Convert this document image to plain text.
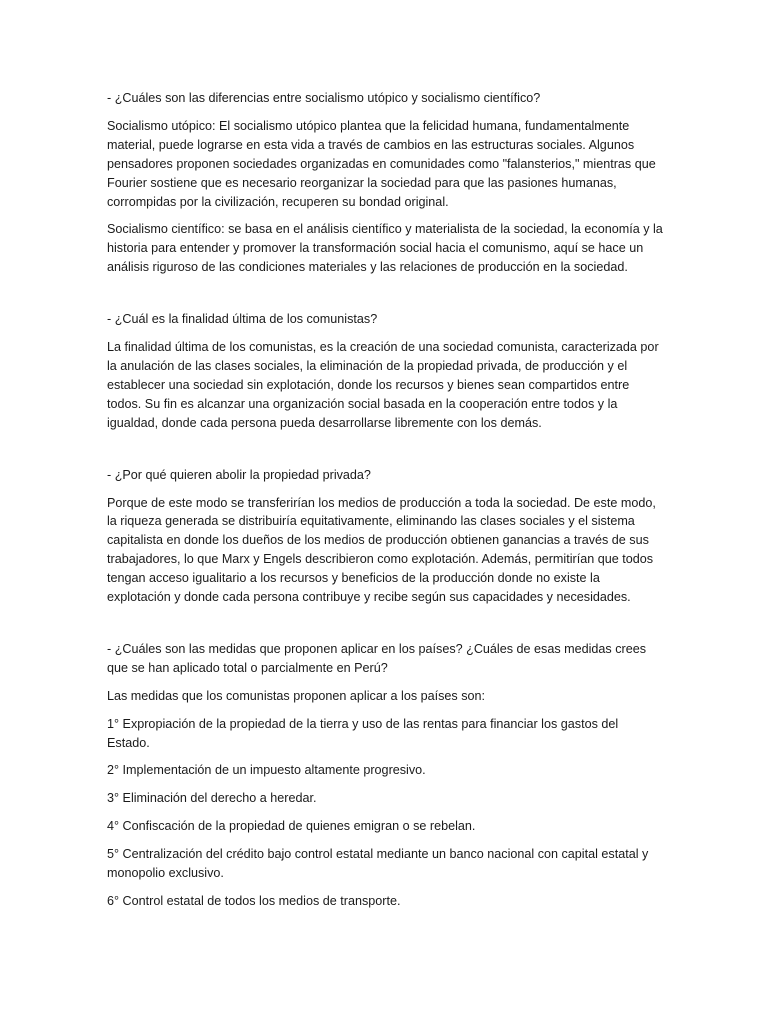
- ¿Cuáles son las diferencias entre socialismo utópico y socialismo científico?

Socialismo utópico: El socialismo utópico plantea que la felicidad humana, fundamentalmente material, puede lograrse en esta vida a través de cambios en las estructuras sociales. Algunos pensadores proponen sociedades organizadas en comunidades como "falansterios," mientras que Fourier sostiene que es necesario reorganizar la sociedad para que las pasiones humanas, corrompidas por la civilización, recuperen su bondad original.

Socialismo científico: se basa en el análisis científico y materialista de la sociedad, la economía y la historia para entender y promover la transformación social hacia el comunismo, aquí se hace un análisis riguroso de las condiciones materiales y las relaciones de producción en la sociedad.

- ¿Cuál es la finalidad última de los comunistas?

La finalidad última de los comunistas, es la creación de una sociedad comunista, caracterizada por la anulación de las clases sociales, la eliminación de la propiedad privada, de producción y el establecer una sociedad sin explotación, donde los recursos y bienes sean compartidos entre todos. Su fin es alcanzar una organización social basada en la cooperación entre todos y la igualdad, donde cada persona pueda desarrollarse libremente con los demás.

- ¿Por qué quieren abolir la propiedad privada?

Porque de este modo se transferirían los medios de producción a toda la sociedad. De este modo, la riqueza generada se distribuiría equitativamente, eliminando las clases sociales y el sistema capitalista en donde los dueños de los medios de producción obtienen ganancias a través de sus trabajadores, lo que Marx y Engels describieron como explotación. Además, permitirían que todos tengan acceso igualitario a los recursos y beneficios de la producción donde no existe la explotación y donde cada persona contribuye y recibe según sus capacidades y necesidades.

- ¿Cuáles son las medidas que proponen aplicar en los países? ¿Cuáles de esas medidas crees que se han aplicado total o parcialmente en Perú?

Las medidas que los comunistas proponen aplicar a los países son:

1° Expropiación de la propiedad de la tierra y uso de las rentas para financiar los gastos del Estado.

2° Implementación de un impuesto altamente progresivo.

3° Eliminación del derecho a heredar.

4° Confiscación de la propiedad de quienes emigran o se rebelan.

5° Centralización del crédito bajo control estatal mediante un banco nacional con capital estatal y monopolio exclusivo.

6° Control estatal de todos los medios de transporte.
